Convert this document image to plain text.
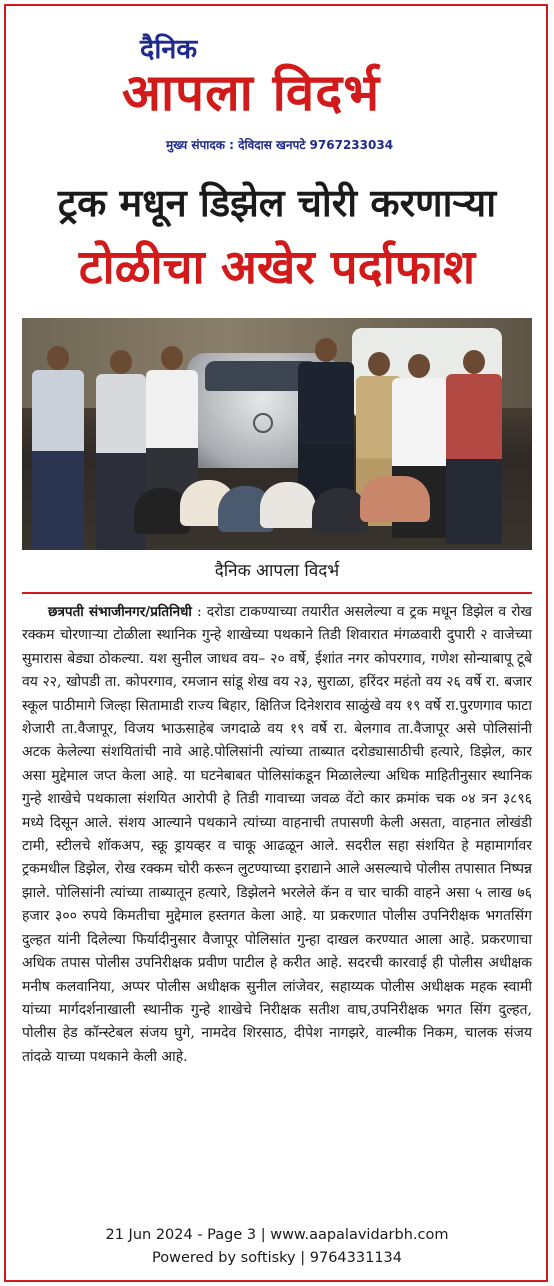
दैनिक
आपला विदर्भ
मुख्य संपादक : देविदास खनपटे 9767233034
ट्रक मधून डिझेल चोरी करणाऱ्या
टोळीचा अखेर पर्दाफाश
दैनिक आपला विदर्भ
छत्रपती संभाजीनगर/प्रतिनिधी : दरोडा टाकण्याच्या तयारीत असलेल्या व ट्रक मधून डिझेल व रोख रक्कम चोरणाऱ्या टोळीला स्थानिक गुन्हे शाखेच्या पथकाने तिडी शिवारात मंगळवारी दुपारी २ वाजेच्या सुमारास बेड्या ठोकल्या. यश सुनील जाधव वय– २० वर्षे, ईशांत नगर कोपरगाव, गणेश सोन्याबापू टूबे वय २२, खोपडी ता. कोपरगाव, रमजान सांडू शेख वय २३, सुराळा, हरिंदर महंतो वय २६ वर्षे रा. बजार स्कूल पाठीमागे जिल्हा सितामाडी राज्य बिहार, क्षितिज दिनेशराव साळुंखे वय १९ वर्षे रा.पुरणगाव फाटा शेजारी ता.वैजापूर, विजय भाऊसाहेब जगदाळे वय १९ वर्षे रा. बेलगाव ता.वैजापूर असे पोलिसांनी अटक केलेल्या संशयितांची नावे आहे.पोलिसांनी त्यांच्या ताब्यात दरोड्यासाठीची हत्यारे, डिझेल, कार असा मुद्देमाल जप्त केला आहे. या घटनेबाबत पोलिसांकडून मिळालेल्या अधिक माहितीनुसार स्थानिक गुन्हे शाखेचे पथकाला संशयित आरोपी हे तिडी गावाच्या जवळ वेंटो कार क्रमांक चक ०४ त्रन ३८९६ मध्ये दिसून आले. संशय आल्याने पथकाने त्यांच्या वाहनाची तपासणी केली असता, वाहनात लोखंडी टामी, स्टीलचे शॉकअप, स्क्रू ड्रायव्हर व चाकू आढळून आले. सदरील सहा संशयित हे महामार्गावर ट्रकमधील डिझेल, रोख रक्कम चोरी करून लुटण्याच्या इराद्याने आले असल्याचे पोलीस तपासात निष्पन्न झाले. पोलिसांनी त्यांच्या ताब्यातून हत्यारे, डिझेलने भरलेले कॅन व चार चाकी वाहने असा ५ लाख ७६ हजार ३०० रुपये किमतीचा मुद्देमाल हस्तगत केला आहे. या प्रकरणात पोलीस उपनिरीक्षक भगतसिंग दुल्हत यांनी दिलेल्या फिर्यादीनुसार वैजापूर पोलिसांत गुन्हा दाखल करण्यात आला आहे. प्रकरणाचा अधिक तपास पोलीस उपनिरीक्षक प्रवीण पाटील हे करीत आहे. सदरची कारवाई ही पोलीस अधीक्षक मनीष कलवानिया, अप्पर पोलीस अधीक्षक सुनील लांजेवर, सहाय्यक पोलीस अधीक्षक महक स्वामी यांच्या मार्गदर्शनाखाली स्थानीक गुन्हे शाखेचे निरीक्षक सतीश वाघ,उपनिरीक्षक भगत सिंग दुल्हत, पोलीस हेड कॉन्स्टेबल संजय घुगे, नामदेव शिरसाठ, दीपेश नागझरे, वाल्मीक निकम, चालक संजय तांदळे याच्या पथकाने केली आहे.
21 Jun 2024 - Page 3 | www.aapalavidarbh.com
Powered by softisky | 9764331134
